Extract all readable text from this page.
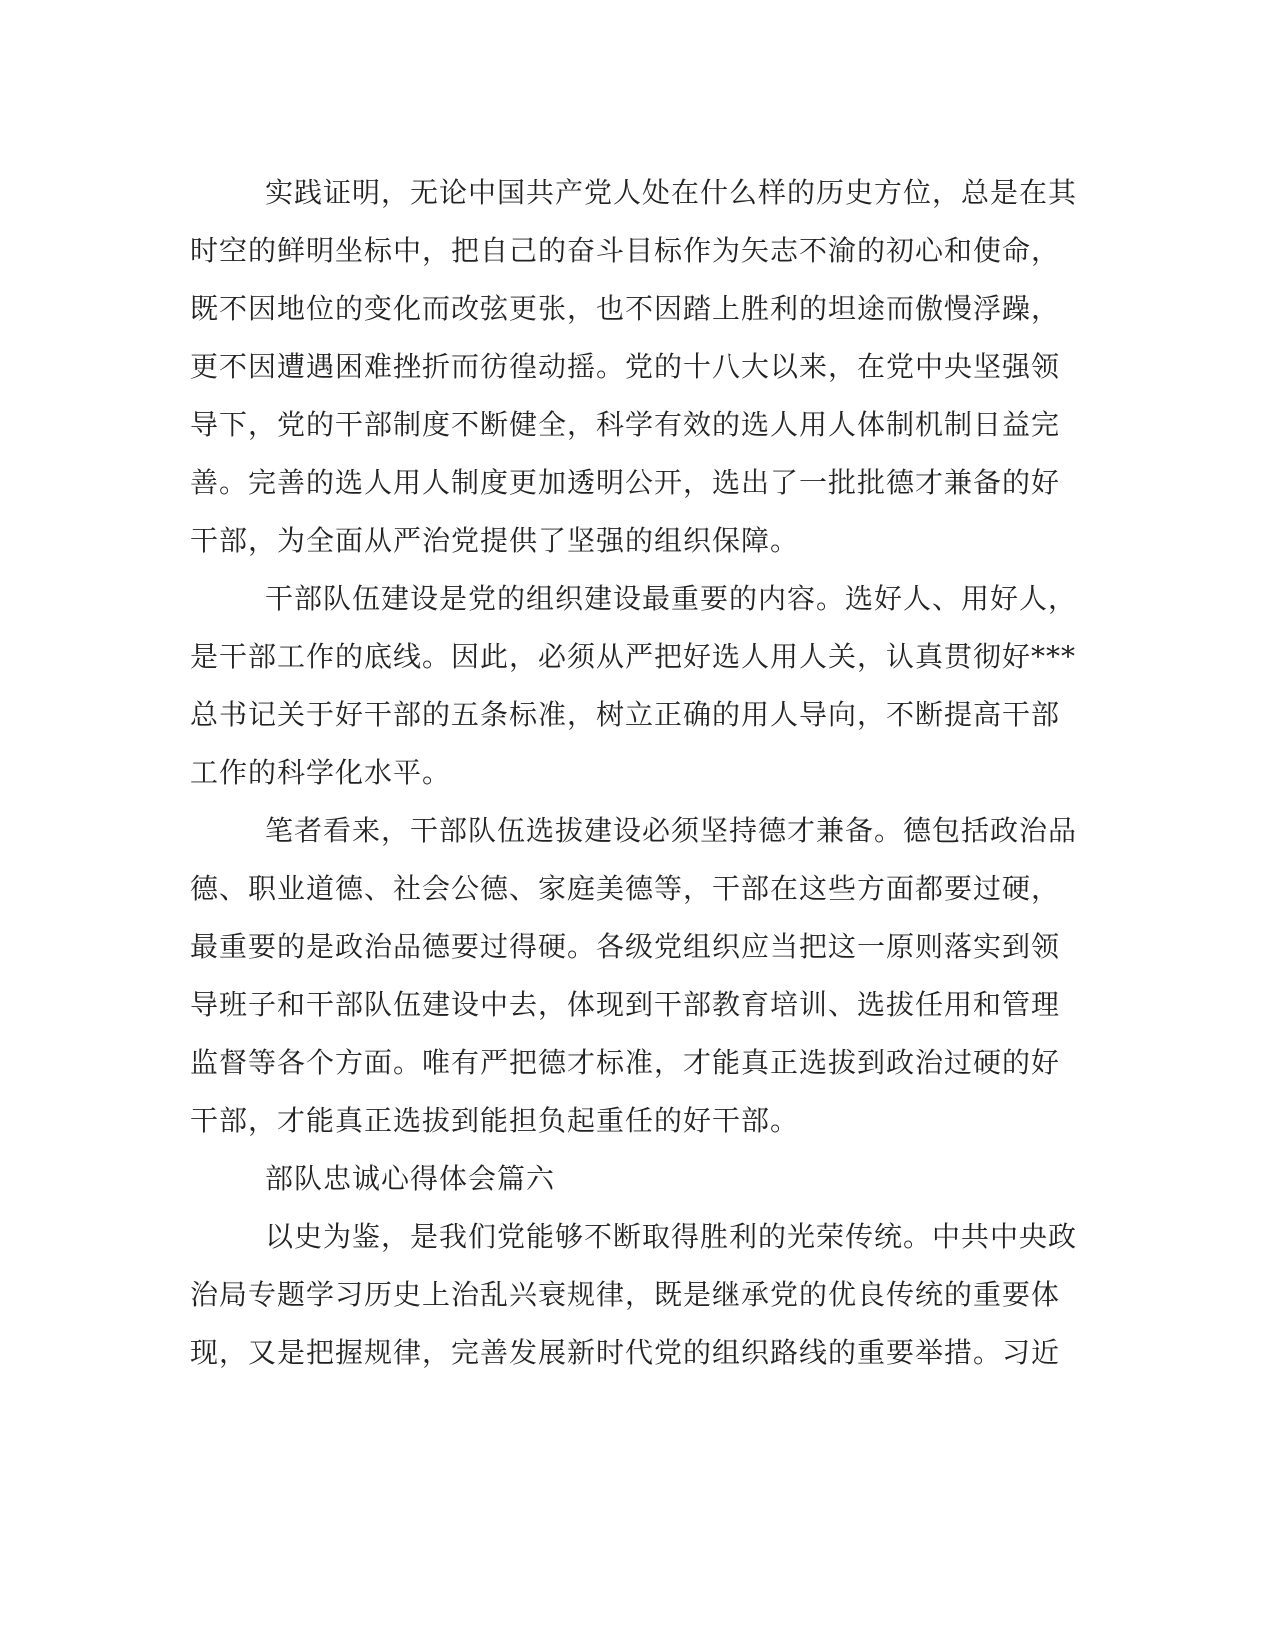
实践证明，无论中国共产党人处在什么样的历史方位，总是在其
时空的鲜明坐标中，把自己的奋斗目标作为矢志不渝的初心和使命，
既不因地位的变化而改弦更张，也不因踏上胜利的坦途而傲慢浮躁，
更不因遭遇困难挫折而彷徨动摇。党的十八大以来，在党中央坚强领
导下，党的干部制度不断健全，科学有效的选人用人体制机制日益完
善。完善的选人用人制度更加透明公开，选出了一批批德才兼备的好
干部，为全面从严治党提供了坚强的组织保障。
干部队伍建设是党的组织建设最重要的内容。选好人、用好人，
是干部工作的底线。因此，必须从严把好选人用人关，认真贯彻好***
总书记关于好干部的五条标准，树立正确的用人导向，不断提高干部
工作的科学化水平。
笔者看来，干部队伍选拔建设必须坚持德才兼备。德包括政治品
德、职业道德、社会公德、家庭美德等，干部在这些方面都要过硬，
最重要的是政治品德要过得硬。各级党组织应当把这一原则落实到领
导班子和干部队伍建设中去，体现到干部教育培训、选拔任用和管理
监督等各个方面。唯有严把德才标准，才能真正选拔到政治过硬的好
干部，才能真正选拔到能担负起重任的好干部。
部队忠诚心得体会篇六
以史为鉴，是我们党能够不断取得胜利的光荣传统。中共中央政
治局专题学习历史上治乱兴衰规律，既是继承党的优良传统的重要体
现，又是把握规律，完善发展新时代党的组织路线的重要举措。习近
